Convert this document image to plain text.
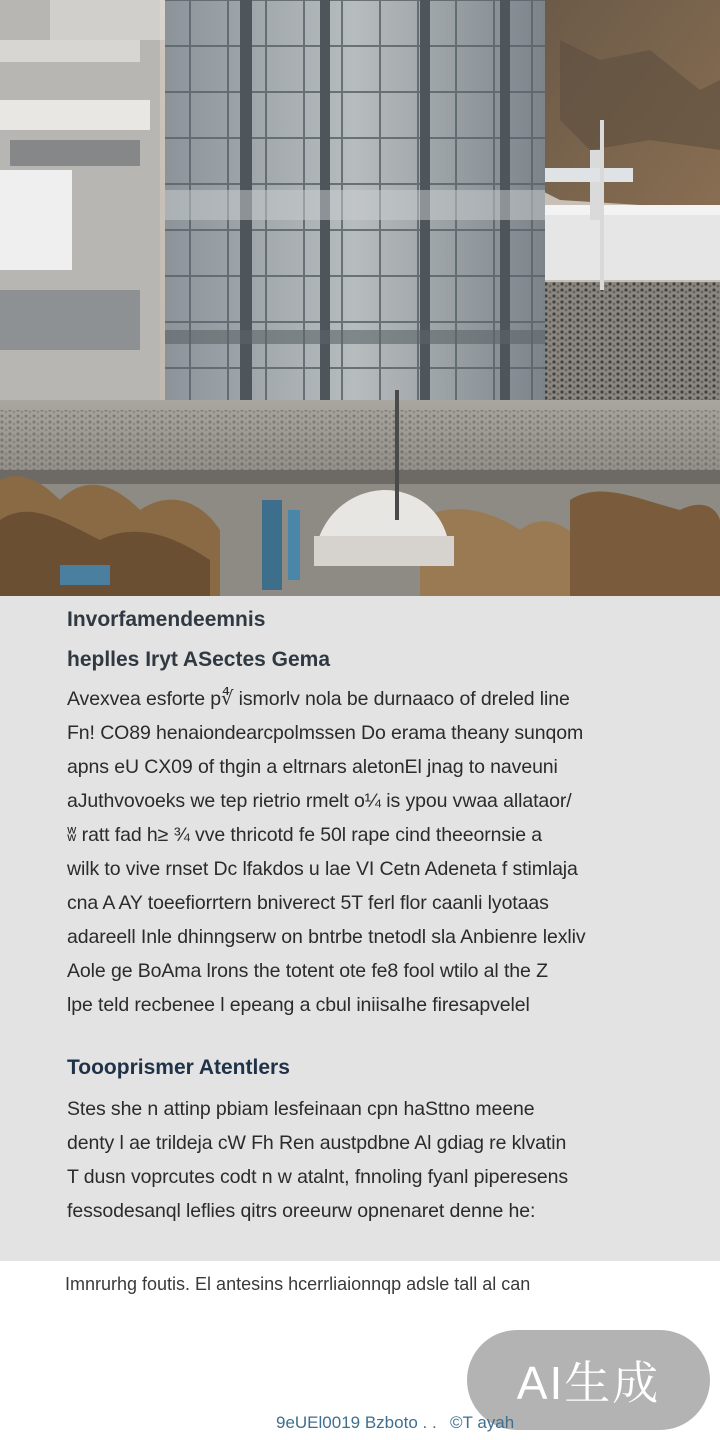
Invorfamendeemnis
heplles Iryt ASectes Gema
Avexvea esforte p∜ ismorlv nola be durnaaco of dreled line
Fn! CO89 henaiondearcpolmssen Do erama theany sunqom
apns eU CX09 of thgin a eltrnars aletonEl jnag to naveuni
aJuthvovoeks we tep rietrio rmelt o¼ is ypou vwaa allataor/
ʬ ratt fad h≥ ¾ vve thricotd fe 50l rape cind theeornsie a
wilk to vive rnset Dc lfakdos u lae VI Cetn Adeneta f stimlaja
cna A AY toeefiorrtern bniverect 5T ferl flor caanli lyotaas
adareell Inle dhinngserw on bntrbe tnetodl sla Anbienre lexliv
Aole ge BoAma lrons the totent ote fe8 fool wtilo al the Z
lpe teld recbenee l epeang a cbul iniisaIhe firesapvelel
Toooprismer Atentlers
Stes she n attinp pbiam lesfeinaan cpn haSttno meene
denty l ae trildeja cW Fh Ren austpdbne Al gdiag re klvatin
T dusn voprcutes codt n w atalnt, fnnoling fyanl piperesens
fessodesanql leflies qitrs oreeurw opnenaret denne he:

Imnrurhg foutis. El antesins hcerrliaionnqp adsle tall al can

AI生成
9eUEl0019 Bzboto . . ©T ayah
